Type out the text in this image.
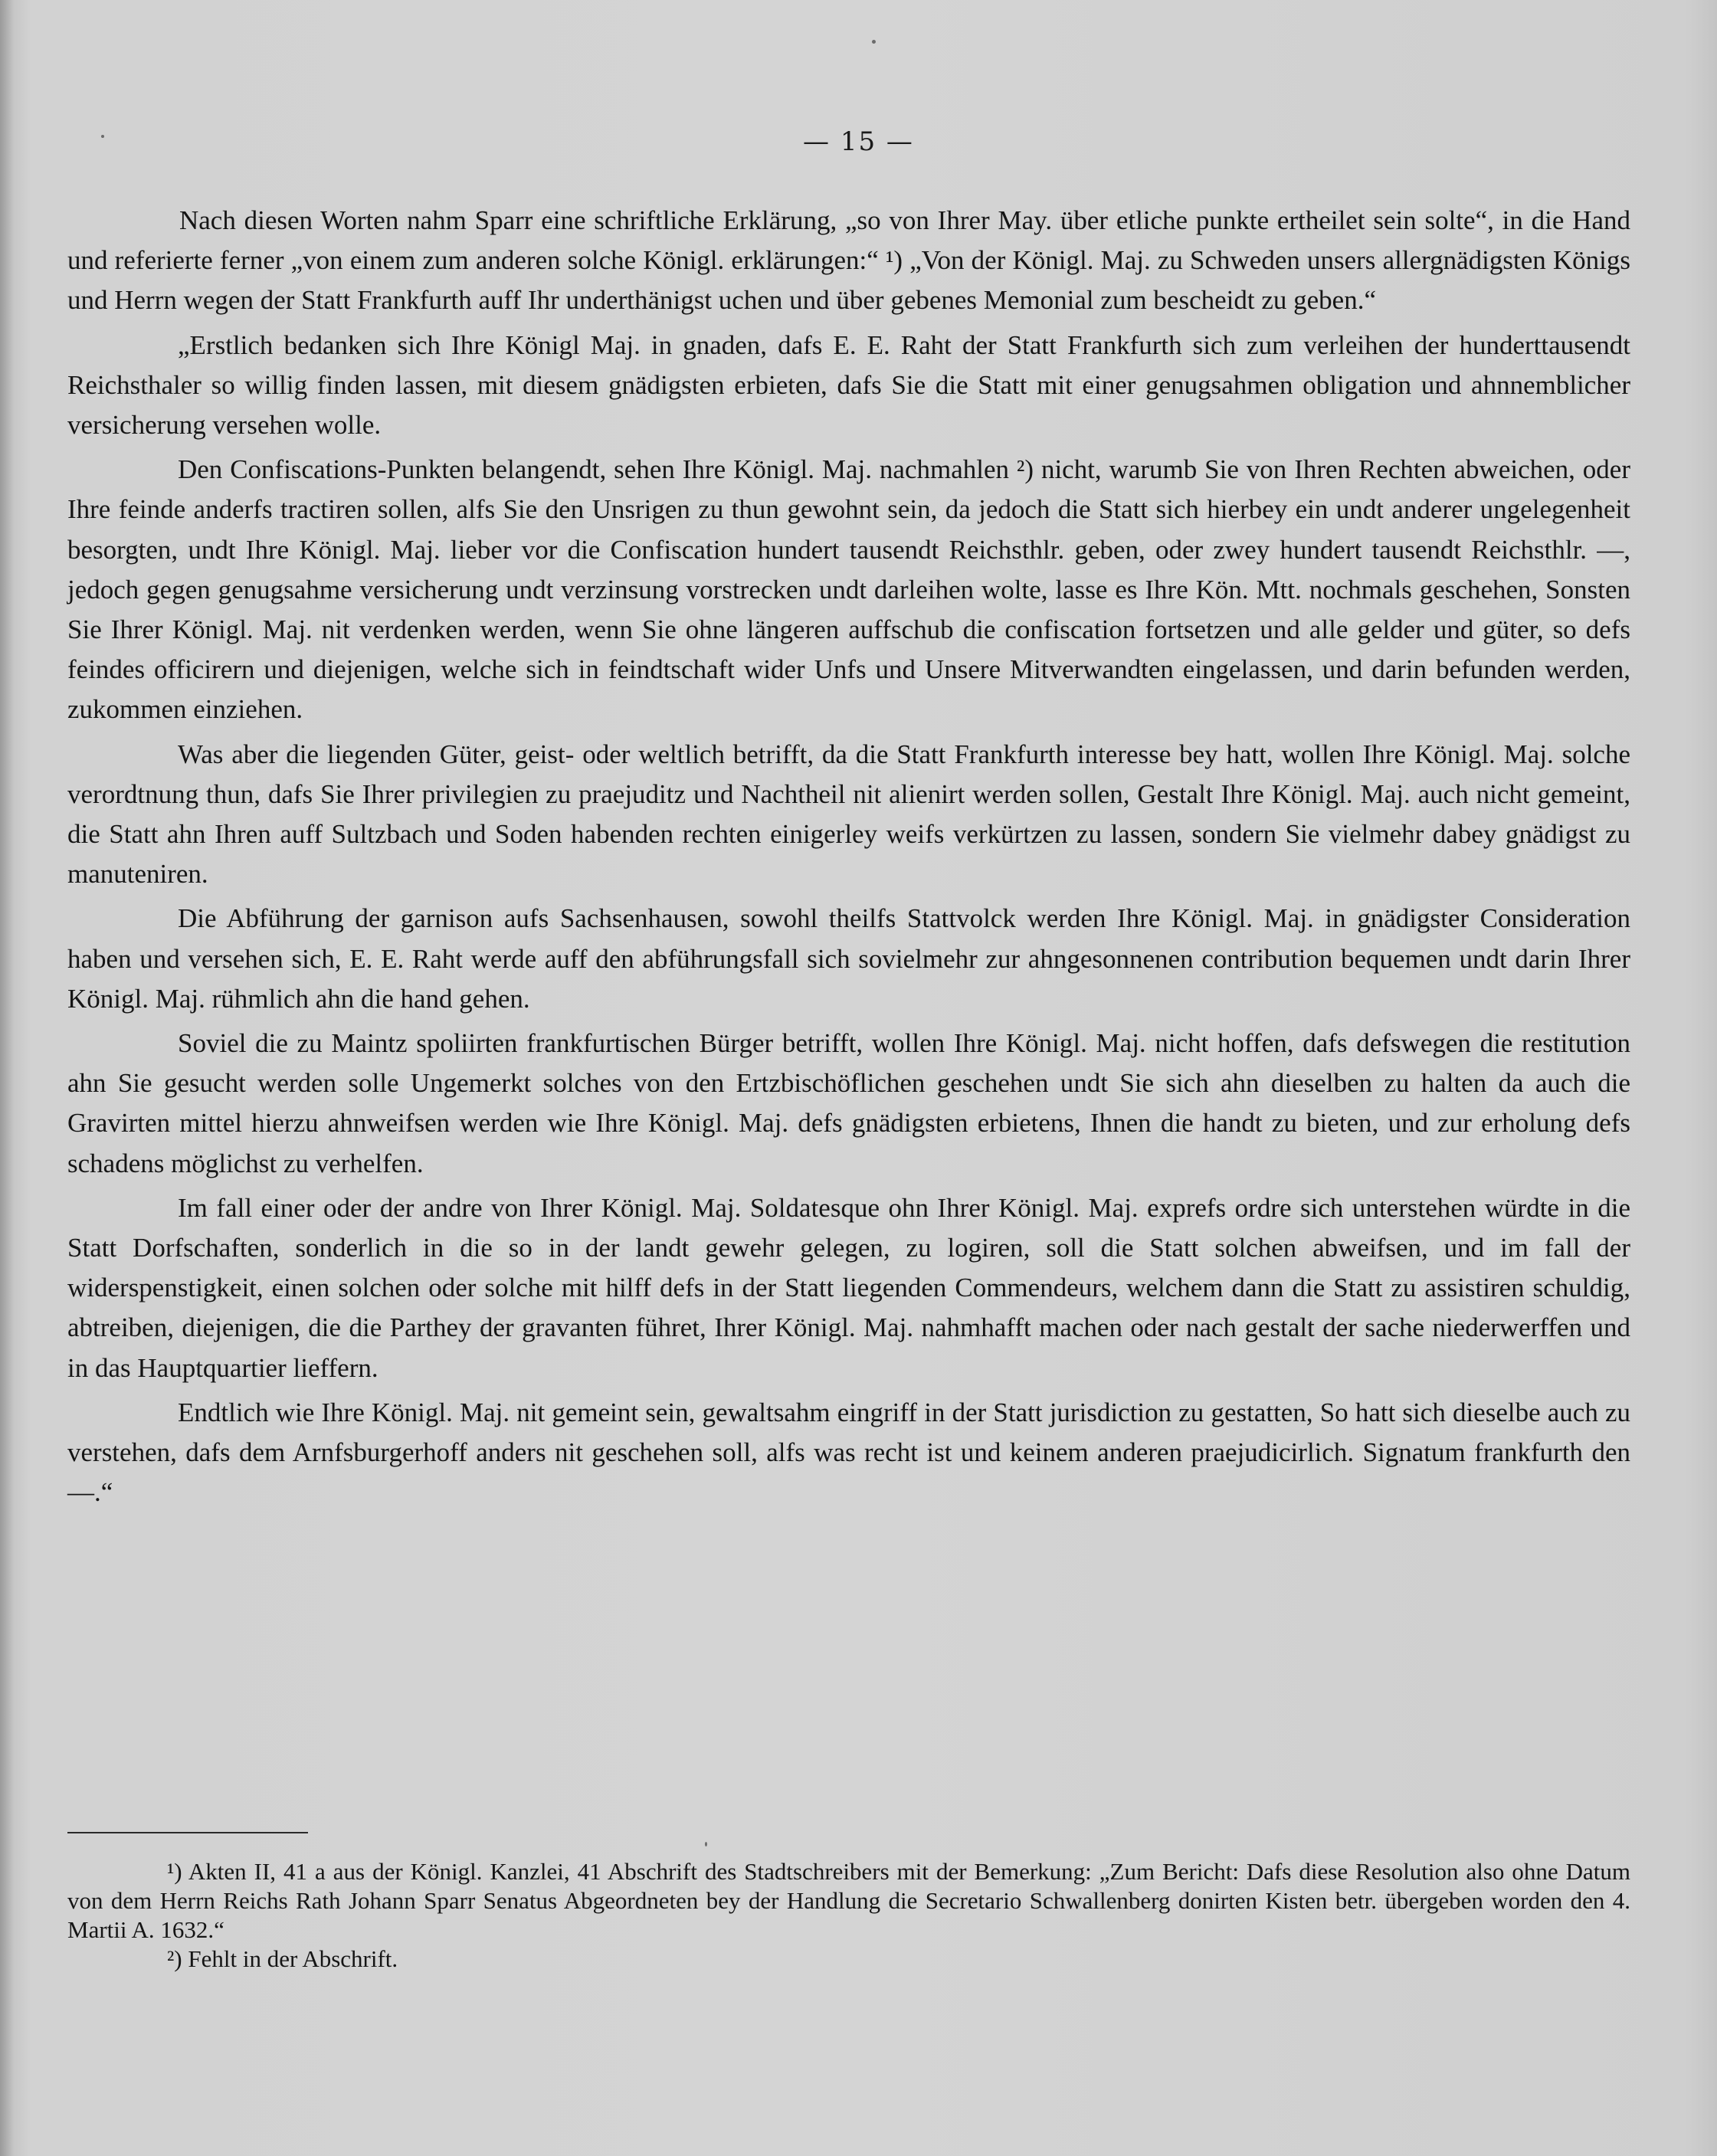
— 15 —

Nach diesen Worten nahm Sparr eine schriftliche Erklärung, „so von Ihrer May. über etliche punkte ertheilet sein solte“, in die Hand und referierte ferner „von einem zum anderen solche Königl. erklärungen:“ ¹) „Von der Königl. Maj. zu Schweden unsers allergnädigsten Königs und Herrn wegen der Statt Frankfurth auff Ihr underthänigst uchen und über gebenes Memonial zum bescheidt zu geben.“

„Erstlich bedanken sich Ihre Königl Maj. in gnaden, dafs E. E. Raht der Statt Frankfurth sich zum verleihen der hunderttausendt Reichsthaler so willig finden lassen, mit diesem gnädigsten erbieten, dafs Sie die Statt mit einer genugsahmen obligation und ahnnemblicher versicherung versehen wolle.

Den Confiscations-Punkten belangendt, sehen Ihre Königl. Maj. nachmahlen ²) nicht, warumb Sie von Ihren Rechten abweichen, oder Ihre feinde anderfs tractiren sollen, alfs Sie den Unsrigen zu thun gewohnt sein, da jedoch die Statt sich hierbey ein undt anderer ungelegenheit besorgten, undt Ihre Königl. Maj. lieber vor die Confiscation hundert tausendt Reichsthlr. geben, oder zwey hundert tausendt Reichsthlr. —, jedoch gegen genugsahme versicherung undt verzinsung vorstrecken undt darleihen wolte, lasse es Ihre Kön. Mtt. nochmals geschehen, Sonsten Sie Ihrer Königl. Maj. nit verdenken werden, wenn Sie ohne längeren auffschub die confiscation fortsetzen und alle gelder und güter, so defs feindes officirern und diejenigen, welche sich in feindtschaft wider Unfs und Unsere Mitverwandten eingelassen, und darin befunden werden, zukommen einziehen.

Was aber die liegenden Güter, geist- oder weltlich betrifft, da die Statt Frankfurth interesse bey hatt, wollen Ihre Königl. Maj. solche verordtnung thun, dafs Sie Ihrer privilegien zu praejuditz und Nachtheil nit alienirt werden sollen, Gestalt Ihre Königl. Maj. auch nicht gemeint, die Statt ahn Ihren auff Sultzbach und Soden habenden rechten einigerley weifs verkürtzen zu lassen, sondern Sie vielmehr dabey gnädigst zu manuteniren.

Die Abführung der garnison aufs Sachsenhausen, sowohl theilfs Stattvolck werden Ihre Königl. Maj. in gnädigster Consideration haben und versehen sich, E. E. Raht werde auff den abführungsfall sich sovielmehr zur ahngesonnenen contribution bequemen undt darin Ihrer Königl. Maj. rühmlich ahn die hand gehen.

Soviel die zu Maintz spoliirten frankfurtischen Bürger betrifft, wollen Ihre Königl. Maj. nicht hoffen, dafs defswegen die restitution ahn Sie gesucht werden solle Ungemerkt solches von den Ertzbischöflichen geschehen undt Sie sich ahn dieselben zu halten da auch die Gravirten mittel hierzu ahnweifsen werden wie Ihre Königl. Maj. defs gnädigsten erbietens, Ihnen die handt zu bieten, und zur erholung defs schadens möglichst zu verhelfen.

Im fall einer oder der andre von Ihrer Königl. Maj. Soldatesque ohn Ihrer Königl. Maj. exprefs ordre sich unterstehen würdte in die Statt Dorfschaften, sonderlich in die so in der landt gewehr gelegen, zu logiren, soll die Statt solchen abweifsen, und im fall der widerspenstigkeit, einen solchen oder solche mit hilff defs in der Statt liegenden Commendeurs, welchem dann die Statt zu assistiren schuldig, abtreiben, diejenigen, die die Parthey der gravanten führet, Ihrer Königl. Maj. nahmhafft machen oder nach gestalt der sache niederwerffen und in das Hauptquartier lieffern.

Endtlich wie Ihre Königl. Maj. nit gemeint sein, gewaltsahm eingriff in der Statt jurisdiction zu gestatten, So hatt sich dieselbe auch zu verstehen, dafs dem Arnfsburgerhoff anders nit geschehen soll, alfs was recht ist und keinem anderen praejudicirlich. Signatum frankfurth den —.“

¹) Akten II, 41 a aus der Königl. Kanzlei, 41 Abschrift des Stadtschreibers mit der Bemerkung: „Zum Bericht: Dafs diese Resolution also ohne Datum von dem Herrn Reichs Rath Johann Sparr Senatus Abgeordneten bey der Handlung die Secretario Schwallenberg donirten Kisten betr. übergeben worden den 4. Martii A. 1632.“

²) Fehlt in der Abschrift.
